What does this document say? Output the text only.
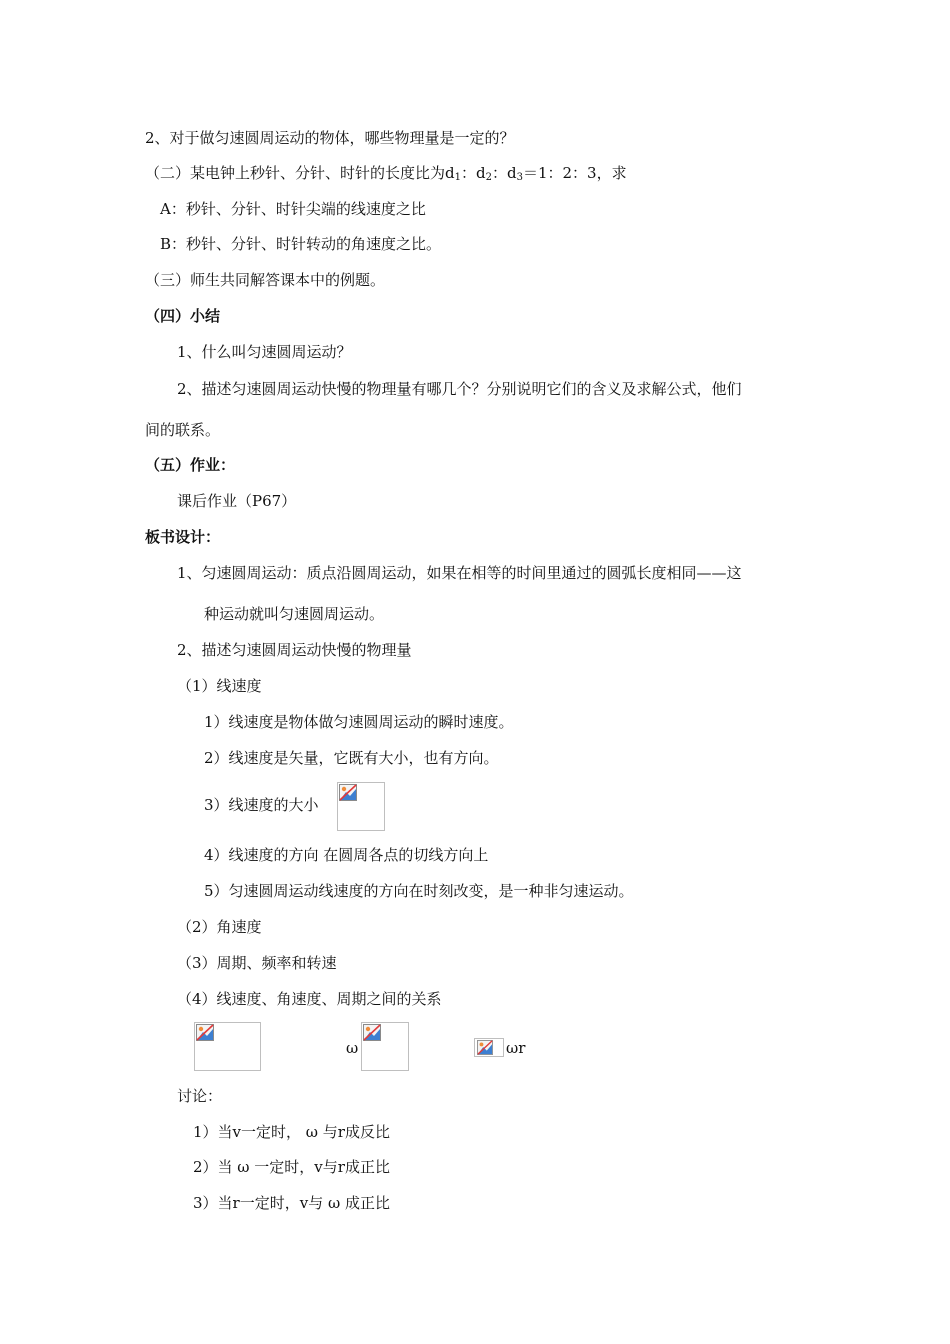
2、对于做匀速圆周运动的物体，哪些物理量是一定的？
（二）某电钟上秒针、分针、时针的长度比为$d_1$：$d_2$：$d_3=1$：2：3，求
A：秒针、分针、时针尖端的线速度之比
B：秒针、分针、时针转动的角速度之比。
（三）师生共同解答课本中的例题。
（四）小结
1、什么叫匀速圆周运动？
2、描述匀速圆周运动快慢的物理量有哪几个？分别说明它们的含义及求解公式，他们
间的联系。
（五）作业：
课后作业（P67）
板书设计：
1、匀速圆周运动：质点沿圆周运动，如果在相等的时间里通过的圆弧长度相同——这
种运动就叫匀速圆周运动。
2、描述匀速圆周运动快慢的物理量
（1）线速度
1）线速度是物体做匀速圆周运动的瞬时速度。
2）线速度是矢量，它既有大小，也有方向。
3）线速度的大小
4）线速度的方向 在圆周各点的切线方向上
5）匀速圆周运动线速度的方向在时刻改变，是一种非匀速运动。
（2）角速度
（3）周期、频率和转速
（4）线速度、角速度、周期之间的关系
ω	ωr
讨论：
1）当v一定时， ω 与r成反比
2）当 ω 一定时，v与r成正比
3）当r一定时，v与 ω 成正比
